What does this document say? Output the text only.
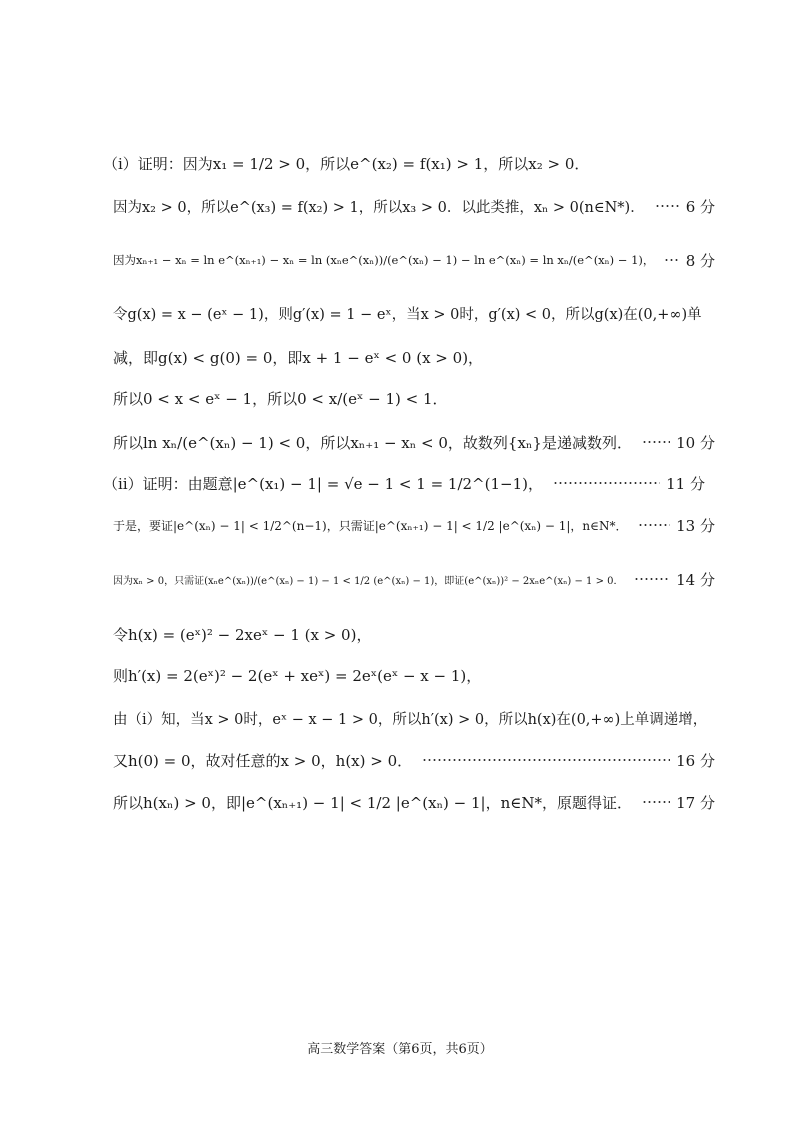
（ⅰ）证明：因为x₁ = 1/2 > 0，所以e^(x₂) = f(x₁) > 1，所以x₂ > 0．
因为x₂ > 0，所以e^(x₃) = f(x₂) > 1，所以x₃ > 0．以此类推，xₙ > 0(n∈N*)．	6 分
因为xₙ₊₁ − xₙ = ln e^(xₙ₊₁) − xₙ = ln (xₙe^(xₙ))/(e^(xₙ) − 1) − ln e^(xₙ) = ln xₙ/(e^(xₙ) − 1)， 8 分
令g(x) = x − (eˣ − 1)，则g′(x) = 1 − eˣ，当x > 0时，g′(x) < 0，所以g(x)在(0,+∞)单
减，即g(x) < g(0) = 0，即x + 1 − eˣ < 0 (x > 0)，
所以0 < x < eˣ − 1，所以0 < x/(eˣ − 1) < 1．
所以ln xₙ/(e^(xₙ) − 1) < 0，所以xₙ₊₁ − xₙ < 0，故数列{xₙ}是递减数列．	10 分
（ⅱ）证明：由题意|e^(x₁) − 1| = √e − 1 < 1 = 1/2^(1−1)，	11 分
于是，要证|e^(xₙ) − 1| < 1/2^(n−1)，只需证|e^(xₙ₊₁) − 1| < 1/2 |e^(xₙ) − 1|，n∈N*．	13 分
因为xₙ > 0，只需证(xₙe^(xₙ))/(e^(xₙ) − 1) − 1 < 1/2 (e^(xₙ) − 1)，即证(e^(xₙ))² − 2xₙe^(xₙ) − 1 > 0．	14 分
令h(x) = (eˣ)² − 2xeˣ − 1 (x > 0)，
则h′(x) = 2(eˣ)² − 2(eˣ + xeˣ) = 2eˣ(eˣ − x − 1)，
由（ⅰ）知，当x > 0时，eˣ − x − 1 > 0，所以h′(x) > 0，所以h(x)在(0,+∞)上单调递增，
又h(0) = 0，故对任意的x > 0，h(x) > 0．	16 分
所以h(xₙ) > 0，即|e^(xₙ₊₁) − 1| < 1/2 |e^(xₙ) − 1|，n∈N*，原题得证．	17 分
高三数学答案（第6页，共6页）
